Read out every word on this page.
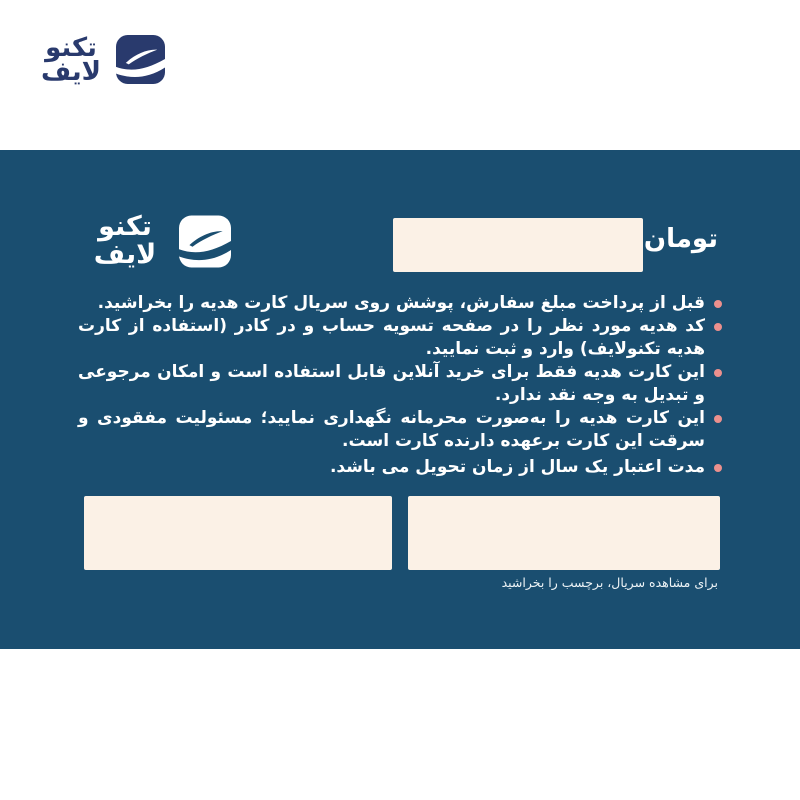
تکنو
لایف
تکنو
لایف	تومان
قبل از پرداخت مبلغ سفارش، پوشش روی سریال کارت هدیه را بخراشید.
کد هدیه مورد نظر را در صفحه تسویه حساب و در کادر (استفاده از کارت هدیه تکنولایف) وارد و ثبت نمایید.
این کارت هدیه فقط برای خرید آنلاین قابل استفاده است و امکان مرجوعی و تبدیل به وجه نقد ندارد.
این کارت هدیه را به‌صورت محرمانه نگهداری نمایید؛ مسئولیت مفقودی و سرقت این کارت برعهده دارنده کارت است.
مدت اعتبار یک سال از زمان تحویل می باشد.
برای مشاهده سریال، برچسب را بخراشید
